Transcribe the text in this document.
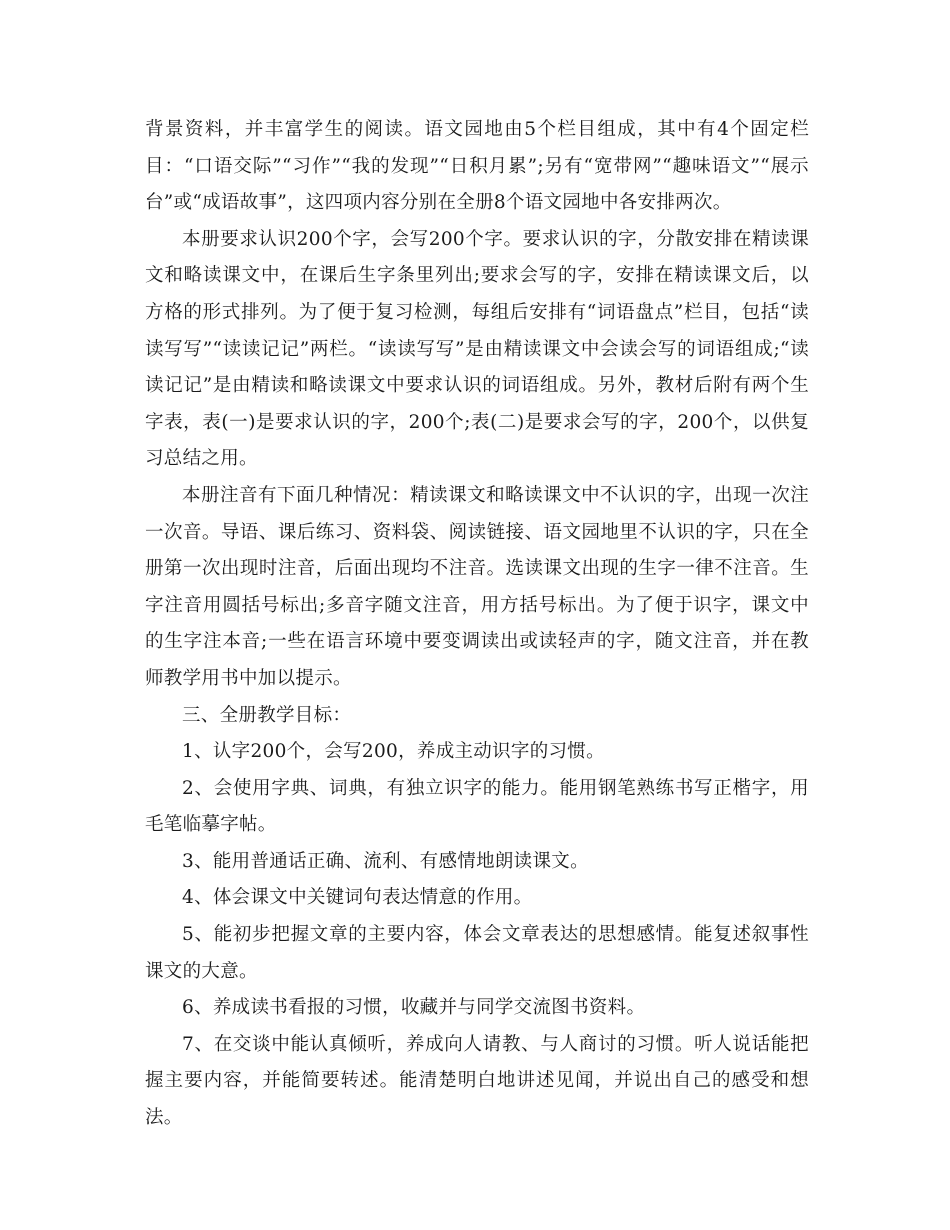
背景资料，并丰富学生的阅读。语文园地由5个栏目组成，其中有4个固定栏目：“口语交际”“习作”“我的发现”“日积月累”;另有“宽带网”“趣味语文”“展示台”或“成语故事”，这四项内容分别在全册8个语文园地中各安排两次。

本册要求认识200个字，会写200个字。要求认识的字，分散安排在精读课文和略读课文中，在课后生字条里列出;要求会写的字，安排在精读课文后，以方格的形式排列。为了便于复习检测，每组后安排有“词语盘点”栏目，包括“读读写写”“读读记记”两栏。“读读写写”是由精读课文中会读会写的词语组成;“读读记记”是由精读和略读课文中要求认识的词语组成。另外，教材后附有两个生字表，表(一)是要求认识的字，200个;表(二)是要求会写的字，200个，以供复习总结之用。

本册注音有下面几种情况：精读课文和略读课文中不认识的字，出现一次注一次音。导语、课后练习、资料袋、阅读链接、语文园地里不认识的字，只在全册第一次出现时注音，后面出现均不注音。选读课文出现的生字一律不注音。生字注音用圆括号标出;多音字随文注音，用方括号标出。为了便于识字，课文中的生字注本音;一些在语言环境中要变调读出或读轻声的字，随文注音，并在教师教学用书中加以提示。

三、全册教学目标：

1、认字200个，会写200，养成主动识字的习惯。

2、会使用字典、词典，有独立识字的能力。能用钢笔熟练书写正楷字，用毛笔临摹字帖。

3、能用普通话正确、流利、有感情地朗读课文。

4、体会课文中关键词句表达情意的作用。

5、能初步把握文章的主要内容，体会文章表达的思想感情。能复述叙事性课文的大意。

6、养成读书看报的习惯，收藏并与同学交流图书资料。

7、在交谈中能认真倾听，养成向人请教、与人商讨的习惯。听人说话能把握主要内容，并能简要转述。能清楚明白地讲述见闻，并说出自己的感受和想法。
